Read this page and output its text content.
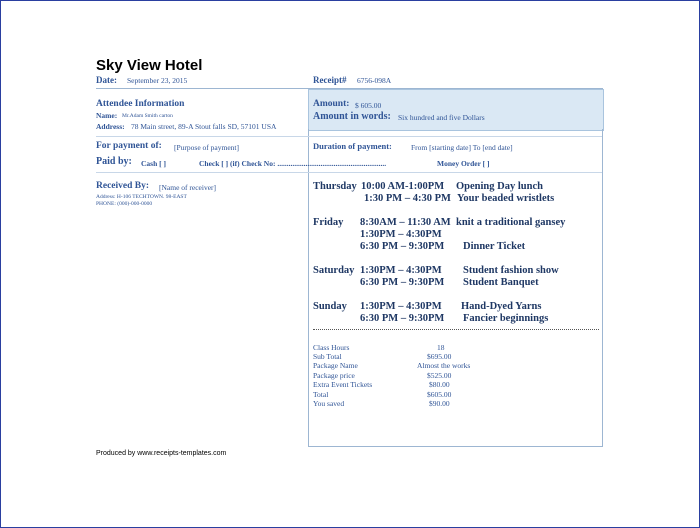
Sky View Hotel
Date: September 23, 2015	Receipt# 6756-098A
Attendee Information
Name: Mr.Adam Smith carton
Address: 78 Main street, 89-A Stout falls SD, 57101 USA
Amount: $ 605.00
Amount in words: Six hundred and five Dollars
For payment of: [Purpose of payment]	Duration of payment:	From [starting date] To [end date]
Paid by: Cash [ ]	Check [ ] (if) Check No: ..........................................................	Money Order [ ]
Received By: [Name of receiver]
Address: H-106 TECHTOWN. 98-EAST
PHONE: (000)-000-0000
Thursday 10:00 AM-1:00PM Opening Day lunch
1:30 PM – 4:30 PM Your beaded wristlets
Friday 8:30AM – 11:30 AM knit a traditional gansey
1:30PM – 4:30PM
6:30 PM – 9:30PM Dinner Ticket
Saturday 1:30PM – 4:30PM Student fashion show
6:30 PM – 9:30PM Student Banquet
Sunday 1:30PM – 4:30PM Hand-Dyed Yarns
6:30 PM – 9:30PM Fancier beginnings
Class Hours	18
Sub Total	$695.00
Package Name	Almost the works
Package price	$525.00
Extra Event Tickets	$80.00
Total	$605.00
You saved	$90.00
Produced by www.receipts-templates.com
